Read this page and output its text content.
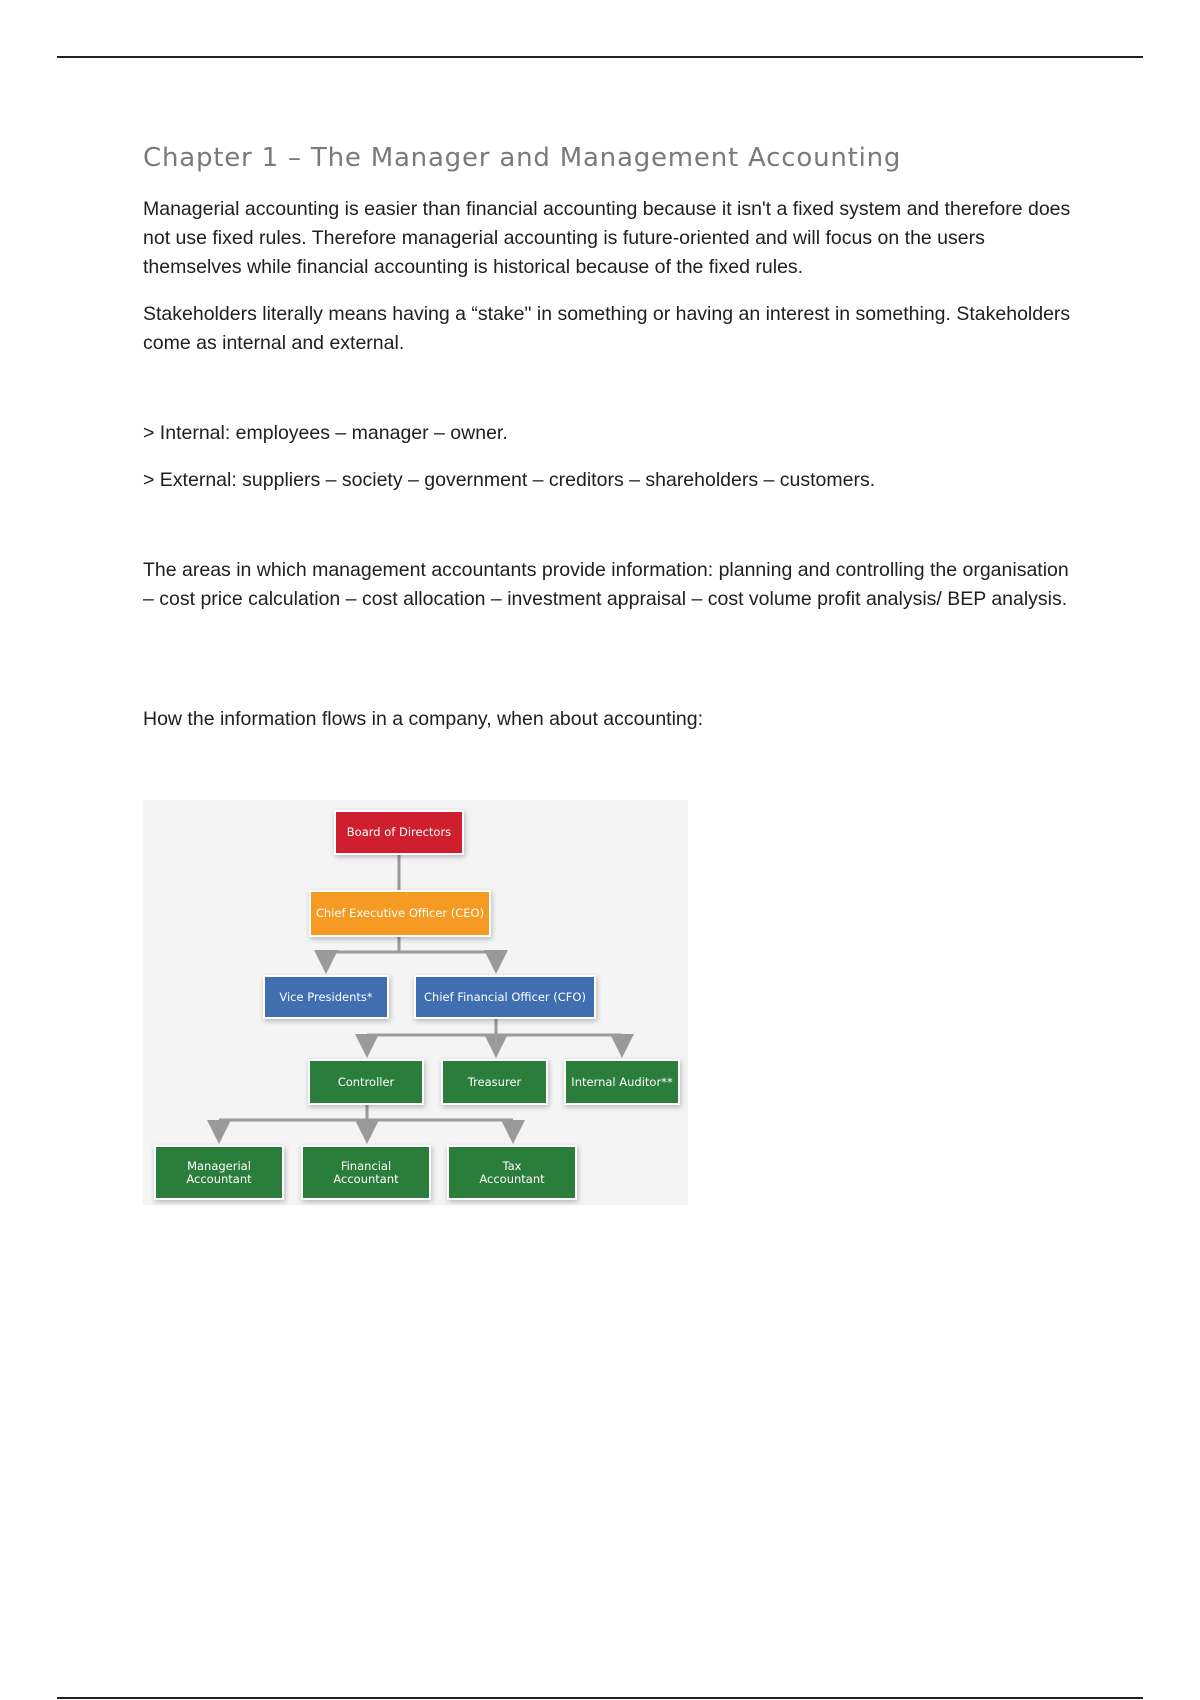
Chapter 1 – The Manager and Management Accounting

Managerial accounting is easier than financial accounting because it isn't a fixed system and therefore does not use fixed rules. Therefore managerial accounting is future-oriented and will focus on the users themselves while financial accounting is historical because of the fixed rules.

Stakeholders literally means having a “stake" in something or having an interest in something. Stakeholders come as internal and external.

> Internal: employees – manager – owner.

> External: suppliers – society – government – creditors – shareholders – customers.

The areas in which management accountants provide information: planning and controlling the organisation – cost price calculation – cost allocation – investment appraisal – cost volume profit analysis/ BEP analysis.

How the information flows in a company, when about accounting:

Board of Directors
Chief Executive Officer (CEO)
Vice Presidents*	Chief Financial Officer (CFO)
Controller	Treasurer	Internal Auditor**
Managerial
Accountant
Financial
Accountant
Tax
Accountant
